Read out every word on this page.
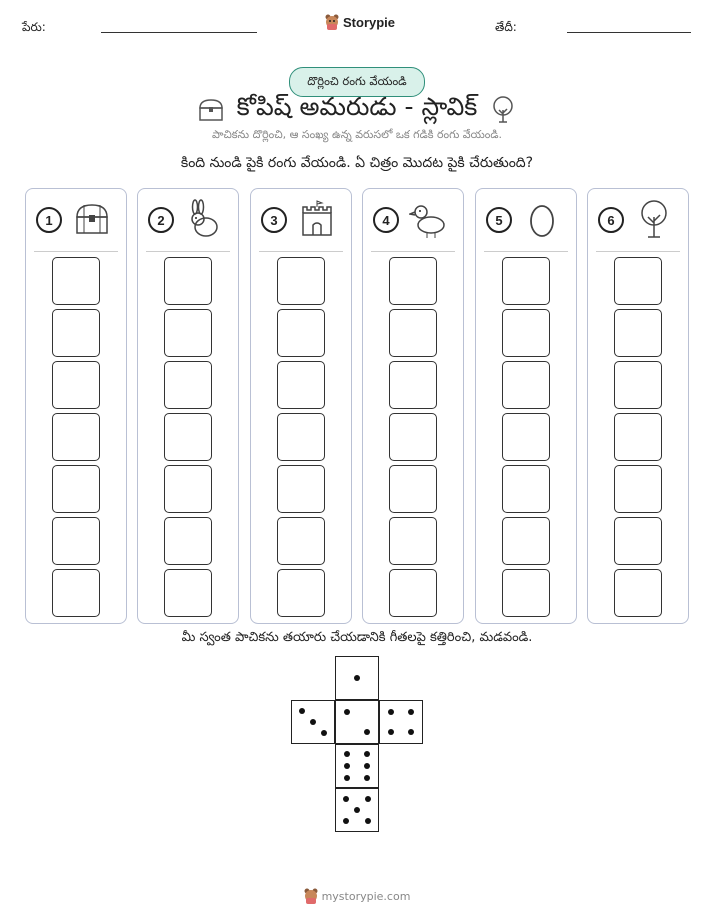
పేరు:	Storypie	తేదీ:
దొర్లించి రంగు వేయండి
కోపిష్ అమరుడు - స్లావిక్
పాచికను దొర్లించి, ఆ సంఖ్య ఉన్న వరుసలో ఒక గడికి రంగు వేయండి.
కింది నుండి పైకి రంగు వేయండి. ఏ చిత్రం మొదట పైకి చేరుతుంది?
1	2	3	4	5	6
మీ స్వంత పాచికను తయారు చేయడానికి గీతలపై కత్తిరించి, మడవండి.
mystorypie.com
